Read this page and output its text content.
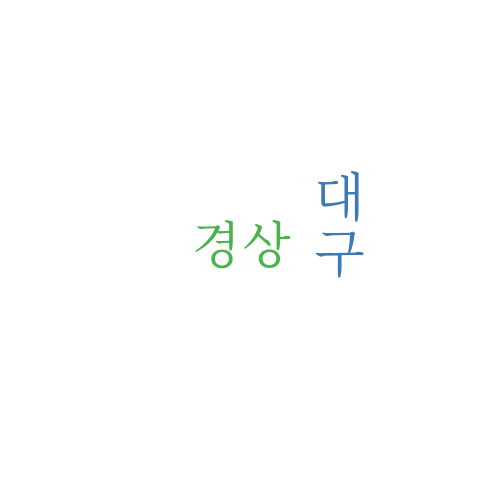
경상 대구
